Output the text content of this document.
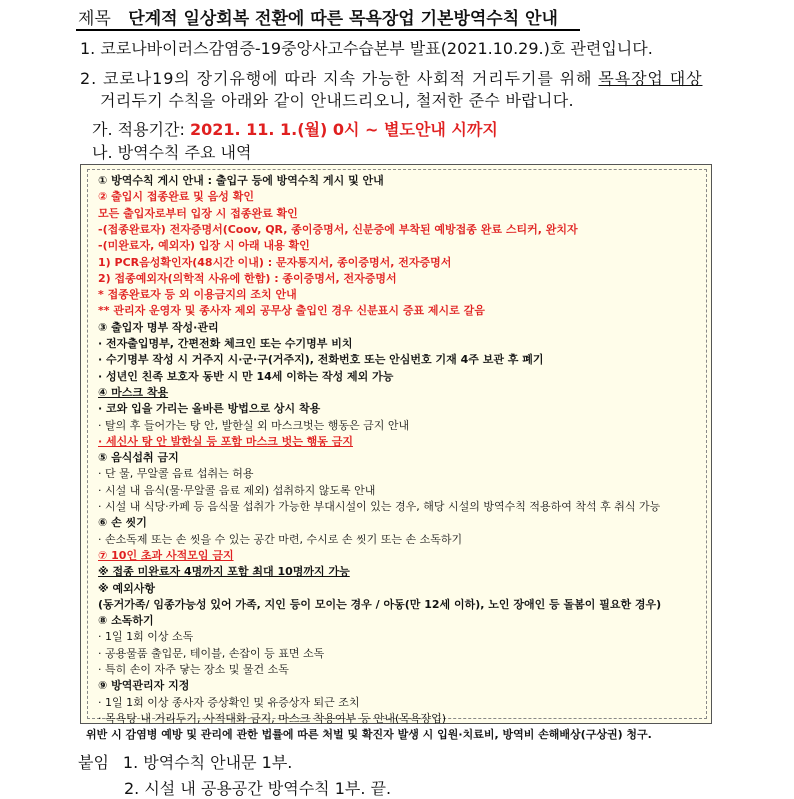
제목 단계적 일상회복 전환에 따른 목욕장업 기본방역수칙 안내
1. 코로나바이러스감염증-19중앙사고수습본부 발표(2021.10.29.)호 관련입니다.
2. 코로나19의 장기유행에 따라 지속 가능한 사회적 거리두기를 위해 목욕장업 대상
거리두기 수칙을 아래와 같이 안내드리오니, 철저한 준수 바랍니다.
가. 적용기간: 2021. 11. 1.(월) 0시 ~ 별도안내 시까지
나. 방역수칙 주요 내역
① 방역수칙 게시 안내 : 출입구 등에 방역수칙 게시 및 안내
② 출입시 접종완료 및 음성 확인
모든 출입자로부터 입장 시 접종완료 확인
-(접종완료자) 전자증명서(Coov, QR, 종이증명서, 신분증에 부착된 예방접종 완료 스티커, 완치자
-(미완료자, 예외자) 입장 시 아래 내용 확인
1) PCR음성확인자(48시간 이내) : 문자통지서, 종이증명서, 전자증명서
2) 접종예외자(의학적 사유에 한함) : 종이증명서, 전자증명서
* 접종완료자 등 외 이용금지의 조치 안내
** 관리자 운영자 및 종사자 제외 공무상 출입인 경우 신분표시 증표 제시로 갈음
③ 출입자 명부 작성·관리
· 전자출입명부, 간편전화 체크인 또는 수기명부 비치
· 수기명부 작성 시 거주지 시·군·구(거주지), 전화번호 또는 안심번호 기재 4주 보관 후 폐기
· 성년인 친족 보호자 동반 시 만 14세 이하는 작성 제외 가능
④ 마스크 착용
· 코와 입을 가리는 올바른 방법으로 상시 착용
· 탈의 후 들어가는 탕 안, 발한실 외 마스크벗는 행동은 금지 안내
· 세신사 탕 안 발한실 등 포함 마스크 벗는 행동 금지
⑤ 음식섭취 금지
· 단 물, 무알콜 음료 섭취는 허용
· 시설 내 음식(물·무알콜 음료 제외) 섭취하지 않도록 안내
· 시설 내 식당·카페 등 음식물 섭취가 가능한 부대시설이 있는 경우, 해당 시설의 방역수칙 적용하여 착석 후 취식 가능
⑥ 손 씻기
· 손소독제 또는 손 씻을 수 있는 공간 마련, 수시로 손 씻기 또는 손 소독하기
⑦ 10인 초과 사적모임 금지
※ 접종 미완료자 4명까지 포함 최대 10명까지 가능
※ 예외사항
(동거가족/ 임종가능성 있어 가족, 지인 등이 모이는 경우 / 아동(만 12세 이하), 노인 장애인 등 돌봄이 필요한 경우)
⑧ 소독하기
· 1일 1회 이상 소독
· 공용물품 출입문, 테이블, 손잡이 등 표면 소독
· 특히 손이 자주 닿는 장소 및 물건 소독
⑨ 방역관리자 지정
· 1일 1회 이상 종사자 증상확인 및 유증상자 퇴근 조치
· 목욕탕 내 거리두기, 사적대화 금지, 마스크 착용여부 등 안내(목욕장업)
위반 시 감염병 예방 및 관리에 관한 법률에 따른 처벌 및 확진자 발생 시 입원·치료비, 방역비 손해배상(구상권) 청구.
붙임 1. 방역수칙 안내문 1부.
2. 시설 내 공용공간 방역수칙 1부. 끝.
